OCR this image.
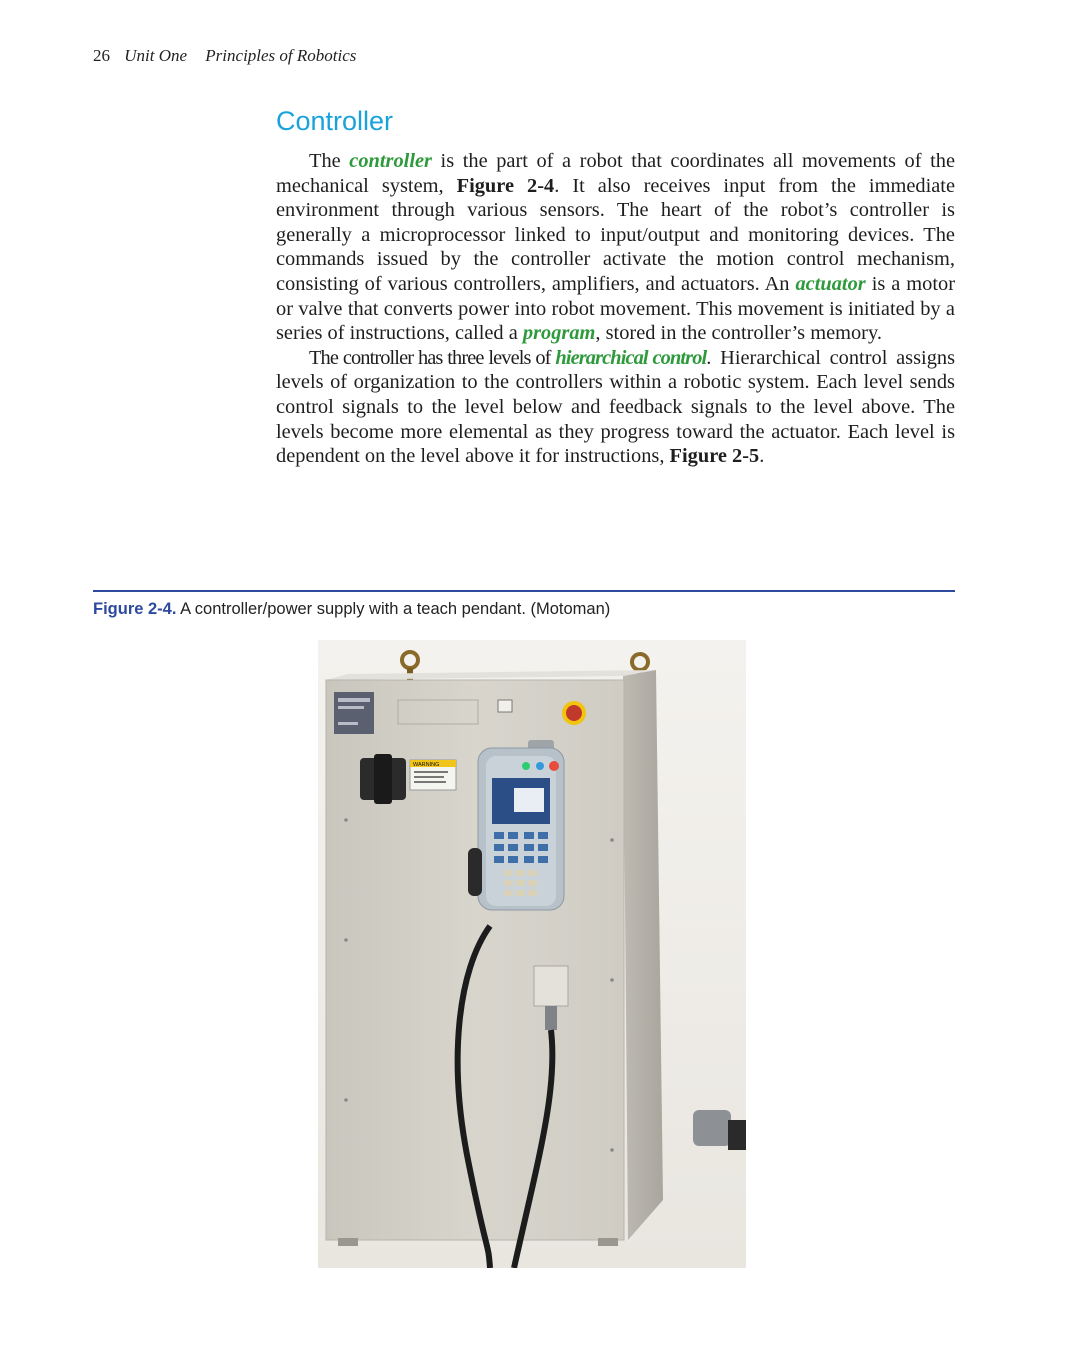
26 Unit One Principles of Robotics
Controller

The controller is the part of a robot that coordinates all movements of the mechanical system, Figure 2-4. It also receives input from the immediate environment through various sensors. The heart of the robot’s controller is generally a microprocessor linked to input/output and monitoring devices. The commands issued by the controller activate the motion control mechanism, consisting of various controllers, amplifiers, and actuators. An actuator is a motor or valve that converts power into robot movement. This movement is initiated by a series of instructions, called a program, stored in the controller’s memory.

The controller has three levels of hierarchical control. Hierarchical control assigns levels of organization to the controllers within a robotic system. Each level sends control signals to the level below and feedback signals to the level above. The levels become more elemental as they progress toward the actuator. Each level is dependent on the level above it for instructions, Figure 2-5.

Figure 2-4. A controller/power supply with a teach pendant. (Motoman)
WARNING
